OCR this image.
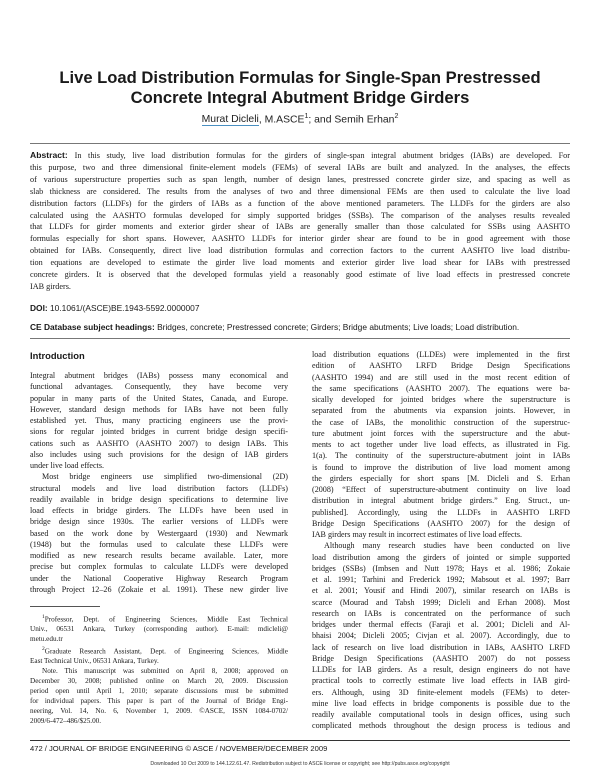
Live Load Distribution Formulas for Single-Span Prestressed
Concrete Integral Abutment Bridge Girders
Murat Dicleli, M.ASCE$^1$; and Semih Erhan$^2$
Abstract: In this study, live load distribution formulas for the girders of single-span integral abutment bridges (IABs) are developed. For
this purpose, two and three dimensional finite-element models (FEMs) of several IABs are built and analyzed. In the analyses, the effects
of various superstructure properties such as span length, number of design lanes, prestressed concrete girder size, and spacing as well as
slab thickness are considered. The results from the analyses of two and three dimensional FEMs are then used to calculate the live load
distribution factors (LLDFs) for the girders of IABs as a function of the above mentioned parameters. The LLDFs for the girders are also
calculated using the AASHTO formulas developed for simply supported bridges (SSBs). The comparison of the analyses results revealed
that LLDFs for girder moments and exterior girder shear of IABs are generally smaller than those calculated for SSBs using AASHTO
formulas especially for short spans. However, AASHTO LLDFs for interior girder shear are found to be in good agreement with those
obtained for IABs. Consequently, direct live load distribution formulas and correction factors to the current AASHTO live load distribu-
tion equations are developed to estimate the girder live load moments and exterior girder live load shear for IABs with prestressed
concrete girders. It is observed that the developed formulas yield a reasonably good estimate of live load effects in prestressed concrete
IAB girders.
DOI: 10.1061/(ASCE)BE.1943-5592.0000007
CE Database subject headings: Bridges, concrete; Prestressed concrete; Girders; Bridge abutments; Live loads; Load distribution.
Introduction
Integral abutment bridges (IABs) possess many economical and
functional advantages. Consequently, they have become very
popular in many parts of the United States, Canada, and Europe.
However, standard design methods for IABs have not been fully
established yet. Thus, many practicing engineers use the provi-
sions for regular jointed bridges in current bridge design specifi-
cations such as AASHTO (AASHTO 2007) to design IABs. This
also includes using such provisions for the design of IAB girders
under live load effects.
Most bridge engineers use simplified two-dimensional (2D)
structural models and live load distribution factors (LLDFs)
readily available in bridge design specifications to determine live
load effects in bridge girders. The LLDFs have been used in
bridge design since 1930s. The earlier versions of LLDFs were
based on the work done by Westergaard (1930) and Newmark
(1948) but the formulas used to calculate these LLDFs were
modified as new research results became available. Later, more
precise but complex formulas to calculate LLDFs were developed
under the National Cooperative Highway Research Program
through Project 12–26 (Zokaie et al. 1991). These new girder live
$^1$Professor, Dept. of Engineering Sciences, Middle East Technical
Univ., 06531 Ankara, Turkey (corresponding author). E-mail: mdicleli@
metu.edu.tr
$^2$Graduate Research Assistant, Dept. of Engineering Sciences, Middle
East Technical Univ., 06531 Ankara, Turkey.
Note. This manuscript was submitted on April 8, 2008; approved on
December 30, 2008; published online on March 20, 2009. Discussion
period open until April 1, 2010; separate discussions must be submitted
for individual papers. This paper is part of the Journal of Bridge Engi-
neering, Vol. 14, No. 6, November 1, 2009. ©ASCE, ISSN 1084-0702/
2009/6-472–486/$25.00.
load distribution equations (LLDEs) were implemented in the first
edition of AASHTO LRFD Bridge Design Specifications
(AASHTO 1994) and are still used in the most recent edition of
the same specifications (AASHTO 2007). The equations were ba-
sically developed for jointed bridges where the superstructure is
separated from the abutments via expansion joints. However, in
the case of IABs, the monolithic construction of the superstruc-
ture abutment joint forces with the superstructure and the abut-
ments to act together under live load effects, as illustrated in Fig.
1(a). The continuity of the superstructure-abutment joint in IABs
is found to improve the distribution of live load moment among
the girders especially for short spans [M. Dicleli and S. Erhan
(2008) “Effect of superstructure-abutment continuity on live load
distribution in integral abutment bridge girders.” Eng. Struct., un-
published]. Accordingly, using the LLDFs in AASHTO LRFD
Bridge Design Specifications (AASHTO 2007) for the design of
IAB girders may result in incorrect estimates of live load effects.
Although many research studies have been conducted on live
load distribution among the girders of jointed or simple supported
bridges (SSBs) (Imbsen and Nutt 1978; Hays et al. 1986; Zokaie
et al. 1991; Tarhini and Frederick 1992; Mabsout et al. 1997; Barr
et al. 2001; Yousif and Hindi 2007), similar research on IABs is
scarce (Mourad and Tabsh 1999; Dicleli and Erhan 2008). Most
research on IABs is concentrated on the performance of such
bridges under thermal effects (Faraji et al. 2001; Dicleli and Al-
bhaisi 2004; Dicleli 2005; Civjan et al. 2007). Accordingly, due to
lack of research on live load distribution in IABs, AASHTO LRFD
Bridge Design Specifications (AASHTO 2007) do not possess
LLDEs for IAB girders. As a result, design engineers do not have
practical tools to correctly estimate live load effects in IAB gird-
ers. Although, using 3D finite-element models (FEMs) to deter-
mine live load effects in bridge components is possible due to the
readily available computational tools in design offices, using such
complicated methods throughout the design process is tedious and
472 / JOURNAL OF BRIDGE ENGINEERING © ASCE / NOVEMBER/DECEMBER 2009
Downloaded 10 Oct 2009 to 144.122.61.47. Redistribution subject to ASCE license or copyright; see http://pubs.asce.org/copyright
